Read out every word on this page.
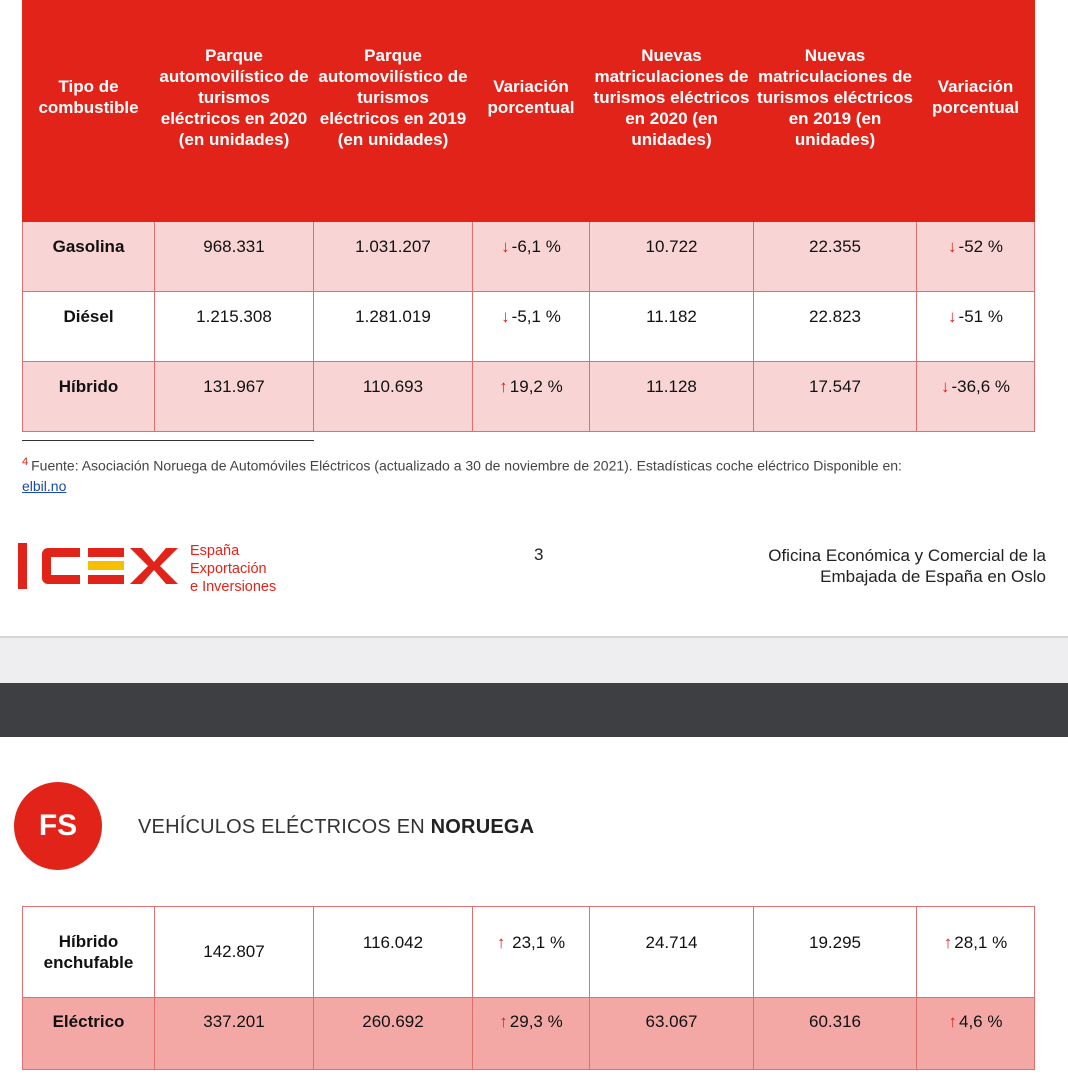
Tipo de combustible	Parque automovilístico de turismos eléctricos en 2020 (en unidades)	Parque automovilístico de turismos eléctricos en 2019 (en unidades)	Variación porcentual	Nuevas matriculaciones de turismos eléctricos en 2020 (en unidades)	Nuevas matriculaciones de turismos eléctricos en 2019 (en unidades)	Variación porcentual
Gasolina	968.331	1.031.207	↓ -6,1 %	10.722	22.355	↓ -52 %
Diésel	1.215.308	1.281.019	↓ -5,1 %	11.182	22.823	↓ -51 %
Híbrido	131.967	110.693	↑ 19,2 %	11.128	17.547	↓ -36,6 %
$^4$ Fuente: Asociación Noruega de Automóviles Eléctricos (actualizado a 30 de noviembre de 2021). Estadísticas coche eléctrico Disponible en:
elbil.no
España
Exportación
e Inversiones
3	Oficina Económica y Comercial de la
Embajada de España en Oslo
FS	VEHÍCULOS ELÉCTRICOS EN NORUEGA
Híbrido enchufable	142.807	116.042	↑ 23,1 %	24.714	19.295	↑ 28,1 %
Eléctrico	337.201	260.692	↑ 29,3 %	63.067	60.316	↑ 4,6 %
